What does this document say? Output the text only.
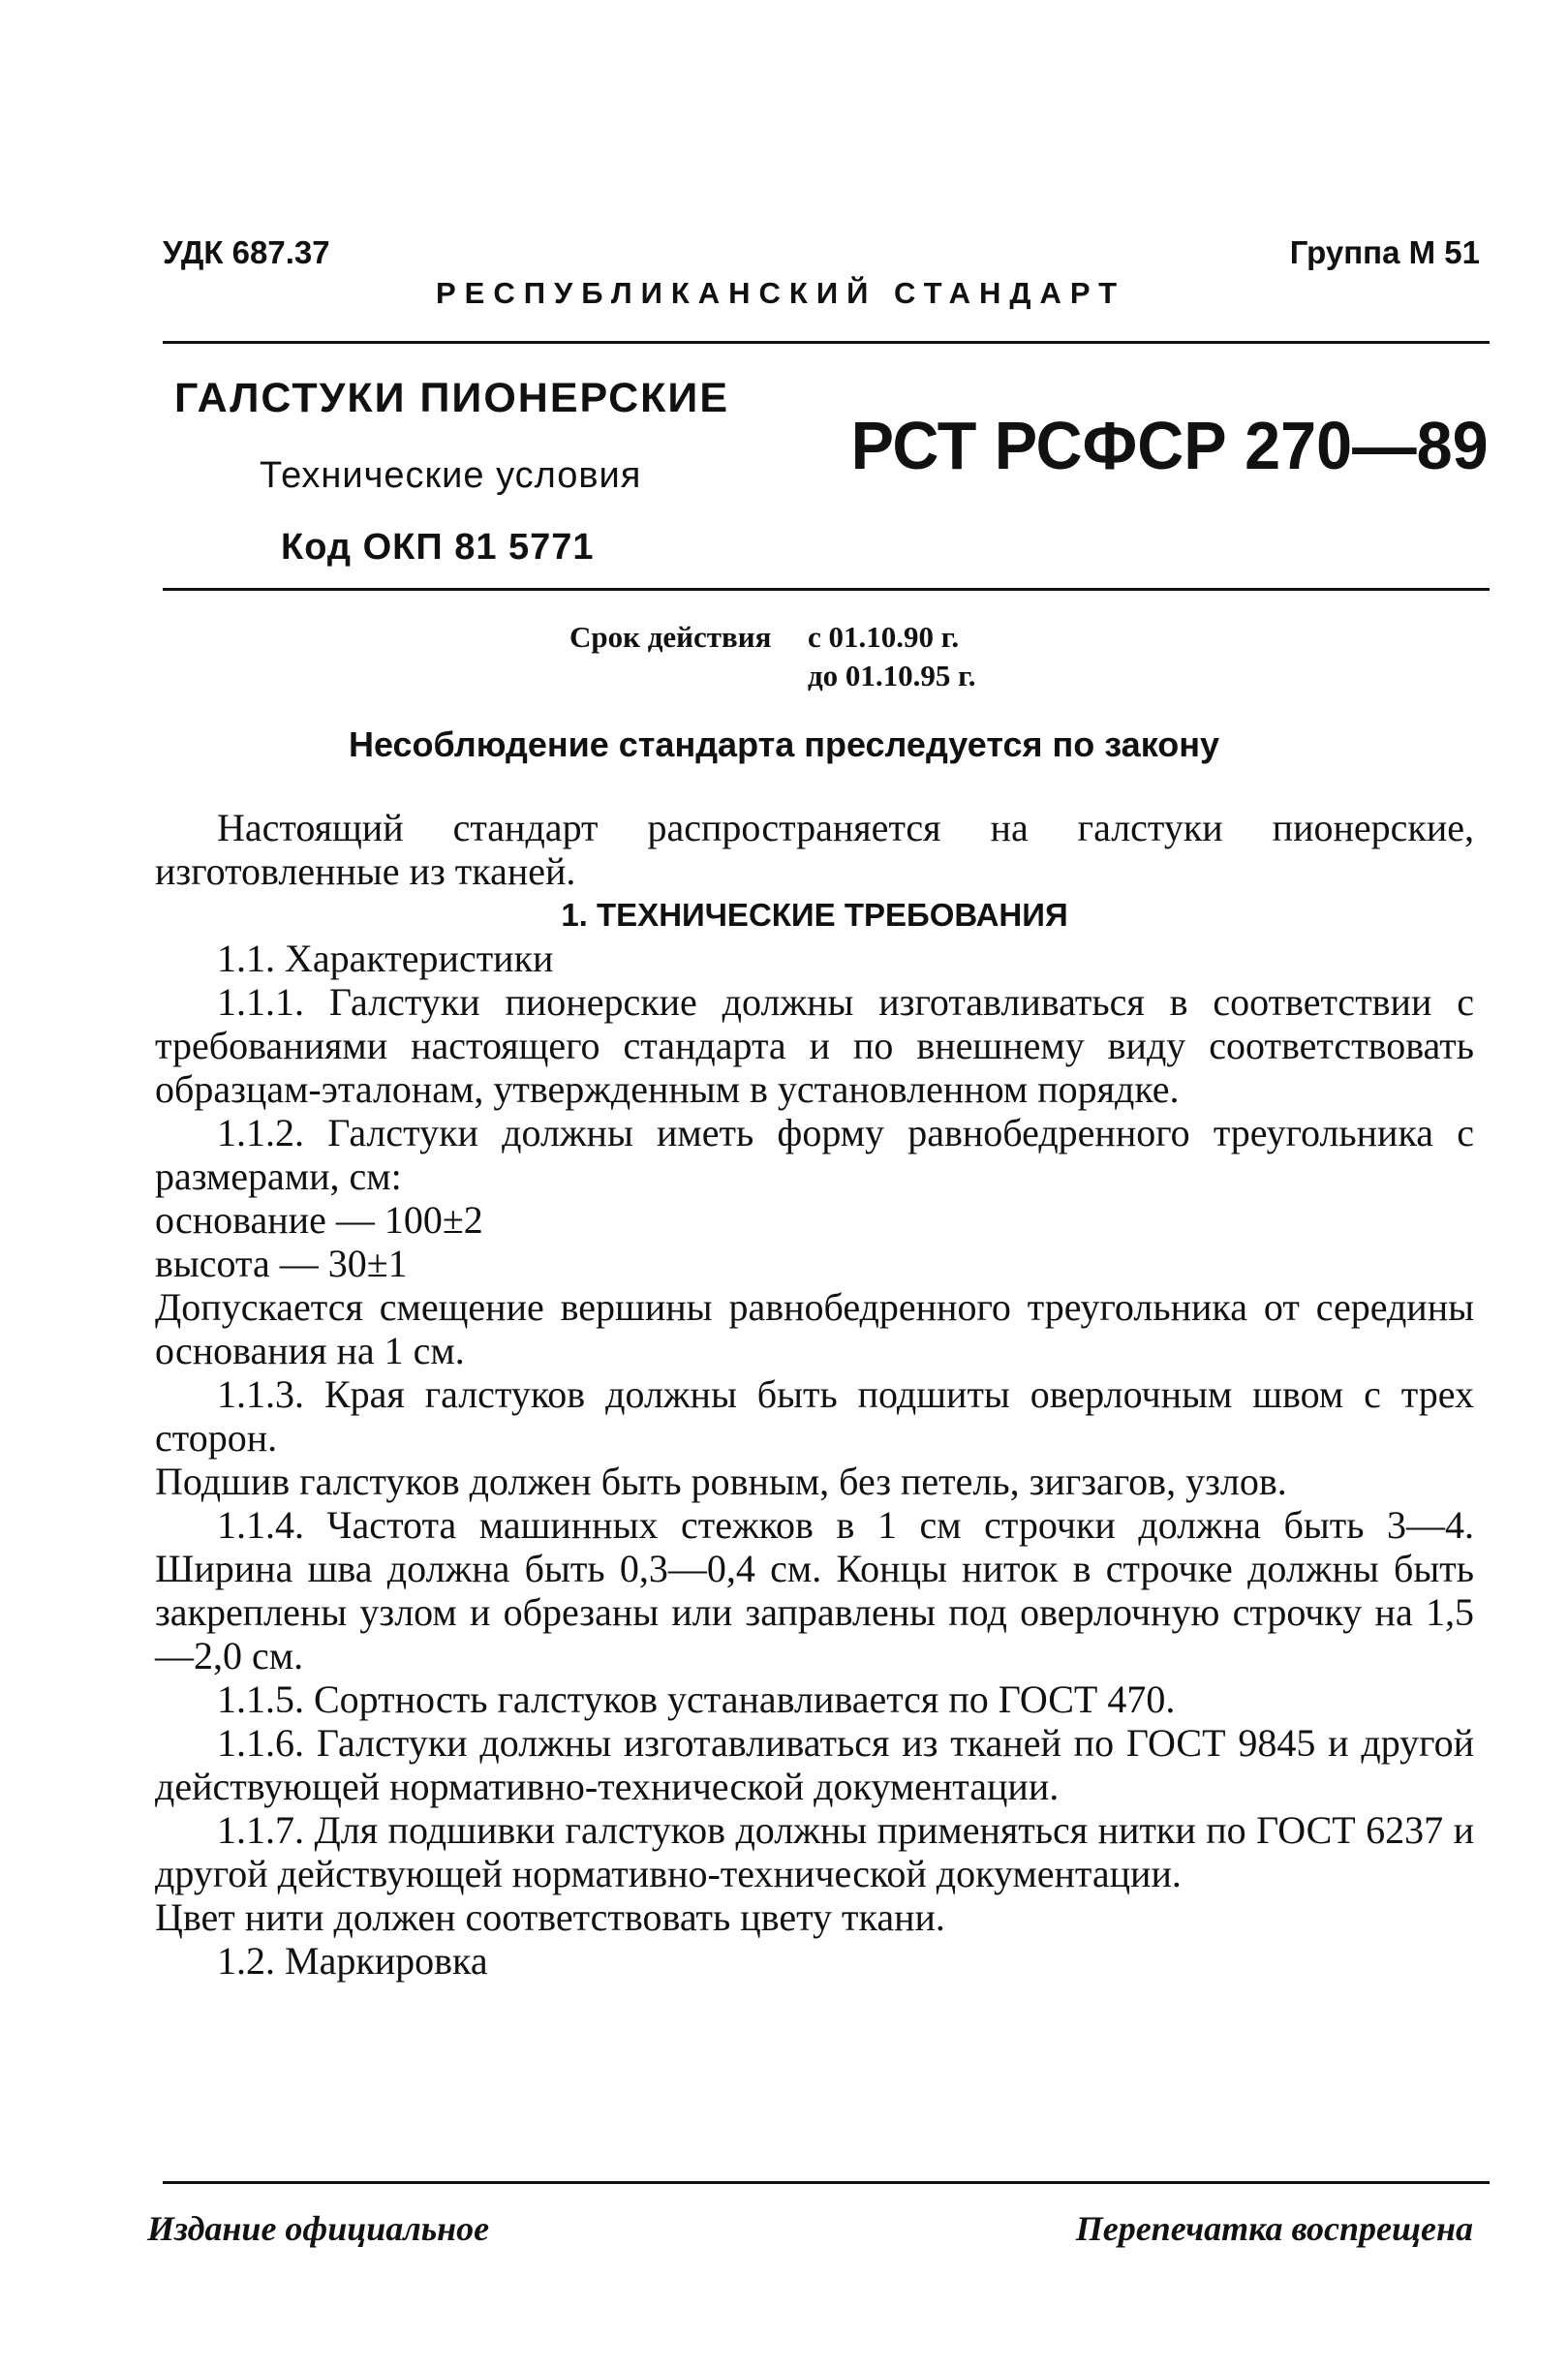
УДК 687.37	Группа М 51
РЕСПУБЛИКАНСКИЙ СТАНДАРТ
ГАЛСТУКИ ПИОНЕРСКИЕ
Технические условия
Код ОКП 81 5771
РСТ РСФСР 270—89
Срок действия	с 01.10.90 г.
до 01.10.95 г.
Несоблюдение стандарта преследуется по закону

Настоящий стандарт распространяется на галстуки пионерские, изготовленные из тканей.

1. ТЕХНИЧЕСКИЕ ТРЕБОВАНИЯ

1.1. Характеристики

1.1.1. Галстуки пионерские должны изготавливаться в соответствии с требованиями настоящего стандарта и по внешнему виду соответствовать образцам-эталонам, утвержденным в установленном порядке.

1.1.2. Галстуки должны иметь форму равнобедренного треугольника с размерами, см:

основание — 100±2

высота — 30±1

Допускается смещение вершины равнобедренного треугольника от середины основания на 1 см.

1.1.3. Края галстуков должны быть подшиты оверлочным швом с трех сторон.

Подшив галстуков должен быть ровным, без петель, зигзагов, узлов.

1.1.4. Частота машинных стежков в 1 см строчки должна быть 3—4. Ширина шва должна быть 0,3—0,4 см. Концы ниток в строчке должны быть закреплены узлом и обрезаны или заправлены под оверлочную строчку на 1,5—2,0 см.

1.1.5. Сортность галстуков устанавливается по ГОСТ 470.

1.1.6. Галстуки должны изготавливаться из тканей по ГОСТ 9845 и другой действующей нормативно-технической документации.

1.1.7. Для подшивки галстуков должны применяться нитки по ГОСТ 6237 и другой действующей нормативно-технической документации.

Цвет нити должен соответствовать цвету ткани.

1.2. Маркировка

Издание официальное	Перепечатка воспрещена
